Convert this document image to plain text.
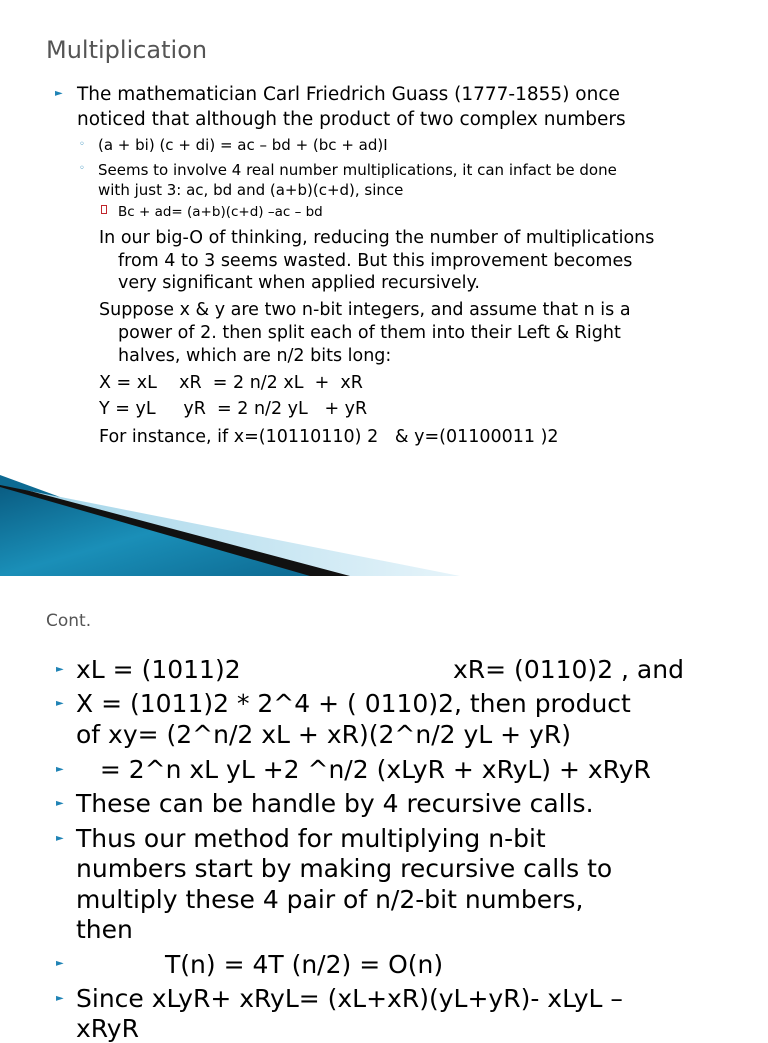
Multiplication
► The mathematician Carl Friedrich Guass (1777-1855) once
noticed that although the product of two complex numbers
◦ (a + bi) (c + di) = ac – bd + (bc + ad)I
◦ Seems to involve 4 real number multiplications, it can infact be done
with just 3: ac, bd and (a+b)(c+d), since
Bc + ad= (a+b)(c+d) –ac – bd
In our big-O of thinking, reducing the number of multiplications
from 4 to 3 seems wasted. But this improvement becomes
very significant when applied recursively.
Suppose x & y are two n-bit integers, and assume that n is a
power of 2. then split each of them into their Left & Right
halves, which are n/2 bits long:
X = xL    xR  = 2 n/2 xL  +  xR
Y = yL     yR  = 2 n/2 yL   + yR
For instance, if x=(10110110) 2   & y=(01100011 )2
Cont.
► xL = (1011)2	xR= (0110)2 , and
► X = (1011)2 * 2^4 + ( 0110)2, then product
of xy= (2^n/2 xL + xR)(2^n/2 yL + yR)
► = 2^n xL yL +2 ^n/2 (xLyR + xRyL) + xRyR
► These can be handle by 4 recursive calls.
► Thus our method for multiplying n-bit
numbers start by making recursive calls to
multiply these 4 pair of n/2-bit numbers,
then
►	T(n) = 4T (n/2) = O(n)
► Since xLyR+ xRyL= (xL+xR)(yL+yR)- xLyL –
xRyR
